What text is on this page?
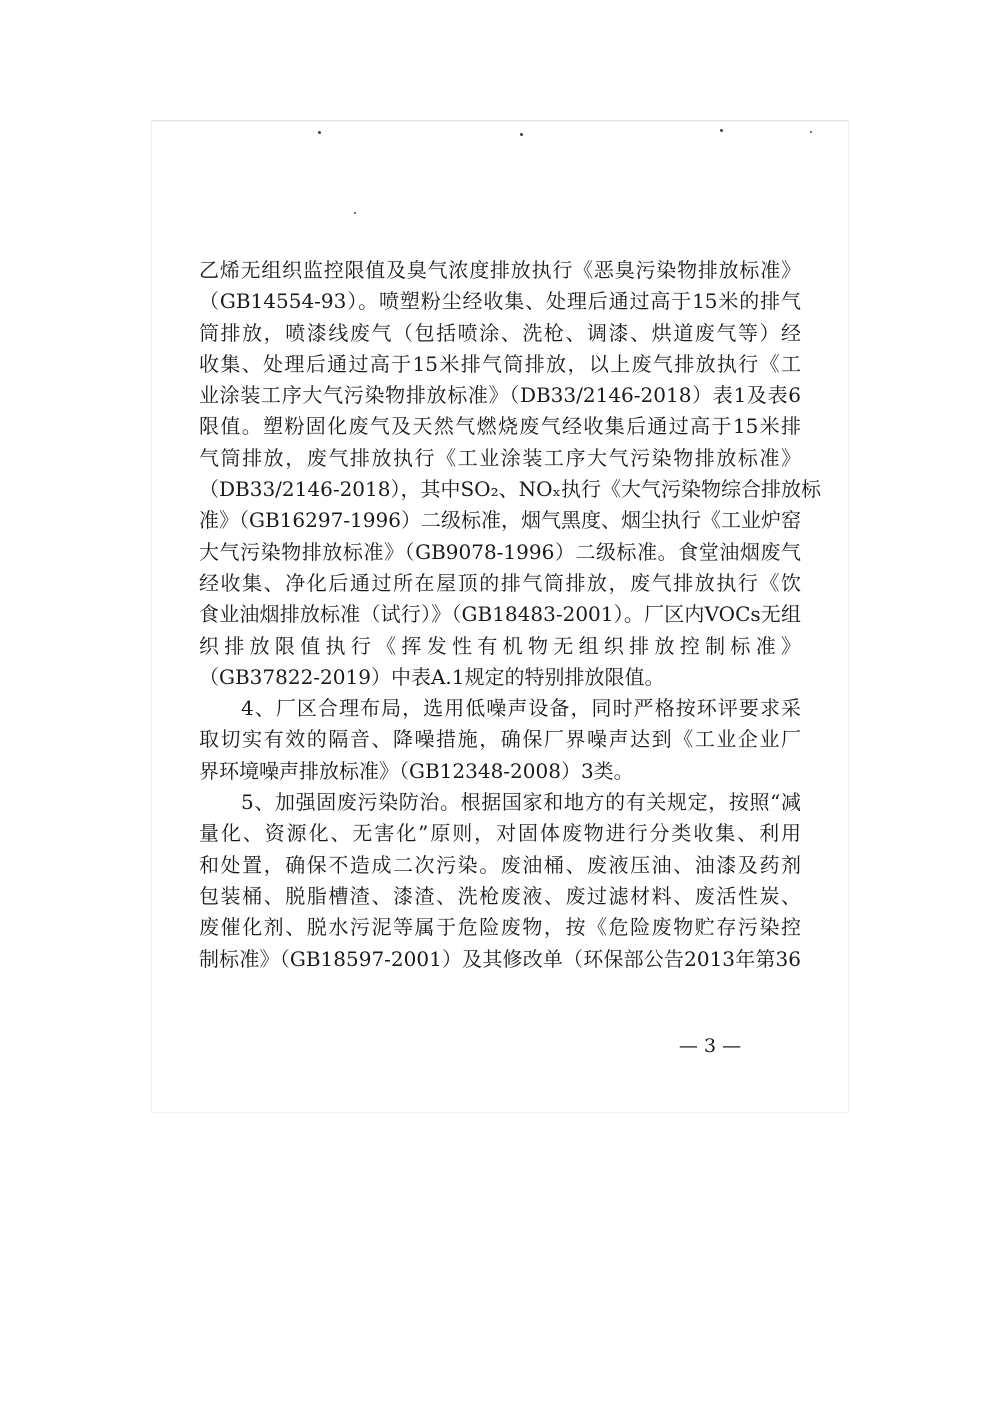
乙烯无组织监控限值及臭气浓度排放执行《恶臭污染物排放标准》
（GB14554-93）。喷塑粉尘经收集、处理后通过高于15米的排气
筒排放，喷漆线废气（包括喷涂、洗枪、调漆、烘道废气等）经
收集、处理后通过高于15米排气筒排放，以上废气排放执行《工
业涂装工序大气污染物排放标准》（DB33/2146-2018）表1及表6
限值。塑粉固化废气及天然气燃烧废气经收集后通过高于15米排
气筒排放，废气排放执行《工业涂装工序大气污染物排放标准》
（DB33/2146-2018），其中SO₂、NOₓ执行《大气污染物综合排放标
准》（GB16297-1996）二级标准，烟气黑度、烟尘执行《工业炉窑
大气污染物排放标准》（GB9078-1996）二级标准。食堂油烟废气
经收集、净化后通过所在屋顶的排气筒排放，废气排放执行《饮
食业油烟排放标准（试行）》（GB18483-2001）。厂区内VOCs无组
织排放限值执行《挥发性有机物无组织排放控制标准》
（GB37822-2019）中表A.1规定的特别排放限值。
4、厂区合理布局，选用低噪声设备，同时严格按环评要求采
取切实有效的隔音、降噪措施，确保厂界噪声达到《工业企业厂
界环境噪声排放标准》（GB12348-2008）3类。
5、加强固废污染防治。根据国家和地方的有关规定，按照“减
量化、资源化、无害化”原则，对固体废物进行分类收集、利用
和处置，确保不造成二次污染。废油桶、废液压油、油漆及药剂
包装桶、脱脂槽渣、漆渣、洗枪废液、废过滤材料、废活性炭、
废催化剂、脱水污泥等属于危险废物，按《危险废物贮存污染控
制标准》（GB18597-2001）及其修改单（环保部公告2013年第36
— 3 —
